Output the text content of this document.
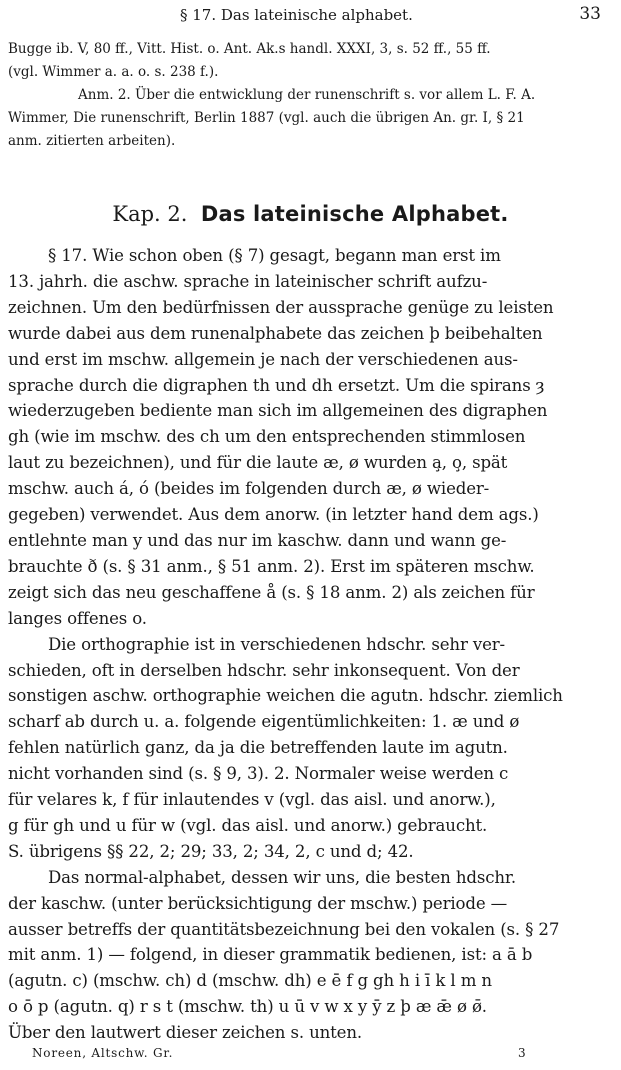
§ 17. Das lateinische alphabet.	33
Bugge ib. V, 80 ff., Vitt. Hist. o. Ant. Ak.s handl. XXXI, 3, s. 52 ff., 55 ff.
(vgl. Wimmer a. a. o. s. 238 f.).
Anm. 2. Über die entwicklung der runenschrift s. vor allem L. F. A.
Wimmer, Die runenschrift, Berlin 1887 (vgl. auch die übrigen An. gr. I, § 21
anm. zitierten arbeiten).
Kap. 2. Das lateinische Alphabet.
§ 17. Wie schon oben (§ 7) gesagt, begann man erst im
13. jahrh. die aschw. sprache in lateinischer schrift aufzu-
zeichnen. Um den bedürfnissen der aussprache genüge zu leisten
wurde dabei aus dem runenalphabete das zeichen þ beibehalten
und erst im mschw. allgemein je nach der verschiedenen aus-
sprache durch die digraphen th und dh ersetzt. Um die spirans ȝ
wiederzugeben bediente man sich im allgemeinen des digraphen
gh (wie im mschw. des ch um den entsprechenden stimmlosen
laut zu bezeichnen), und für die laute æ, ø wurden a̧, o̧, spät
mschw. auch á, ó (beides im folgenden durch æ, ø wieder-
gegeben) verwendet. Aus dem anorw. (in letzter hand dem ags.)
entlehnte man y und das nur im kaschw. dann und wann ge-
brauchte ð (s. § 31 anm., § 51 anm. 2). Erst im späteren mschw.
zeigt sich das neu geschaffene å (s. § 18 anm. 2) als zeichen für
langes offenes o.
Die orthographie ist in verschiedenen hdschr. sehr ver-
schieden, oft in derselben hdschr. sehr inkonsequent. Von der
sonstigen aschw. orthographie weichen die agutn. hdschr. ziemlich
scharf ab durch u. a. folgende eigentümlichkeiten: 1. æ und ø
fehlen natürlich ganz, da ja die betreffenden laute im agutn.
nicht vorhanden sind (s. § 9, 3). 2. Normaler weise werden c
für velares k, f für inlautendes v (vgl. das aisl. und anorw.),
g für gh und u für w (vgl. das aisl. und anorw.) gebraucht.
S. übrigens §§ 22, 2; 29; 33, 2; 34, 2, c und d; 42.
Das normal-alphabet, dessen wir uns, die besten hdschr.
der kaschw. (unter berücksichtigung der mschw.) periode —
ausser betreffs der quantitätsbezeichnung bei den vokalen (s. § 27
mit anm. 1) — folgend, in dieser grammatik bedienen, ist: a ā b
(agutn. c) (mschw. ch) d (mschw. dh) e ē f g gh h i ī k l m n
o ō p (agutn. q) r s t (mschw. th) u ū v w x y ȳ z þ æ ǣ ø ø̄.
Über den lautwert dieser zeichen s. unten.
Noreen, Altschw. Gr.	3
